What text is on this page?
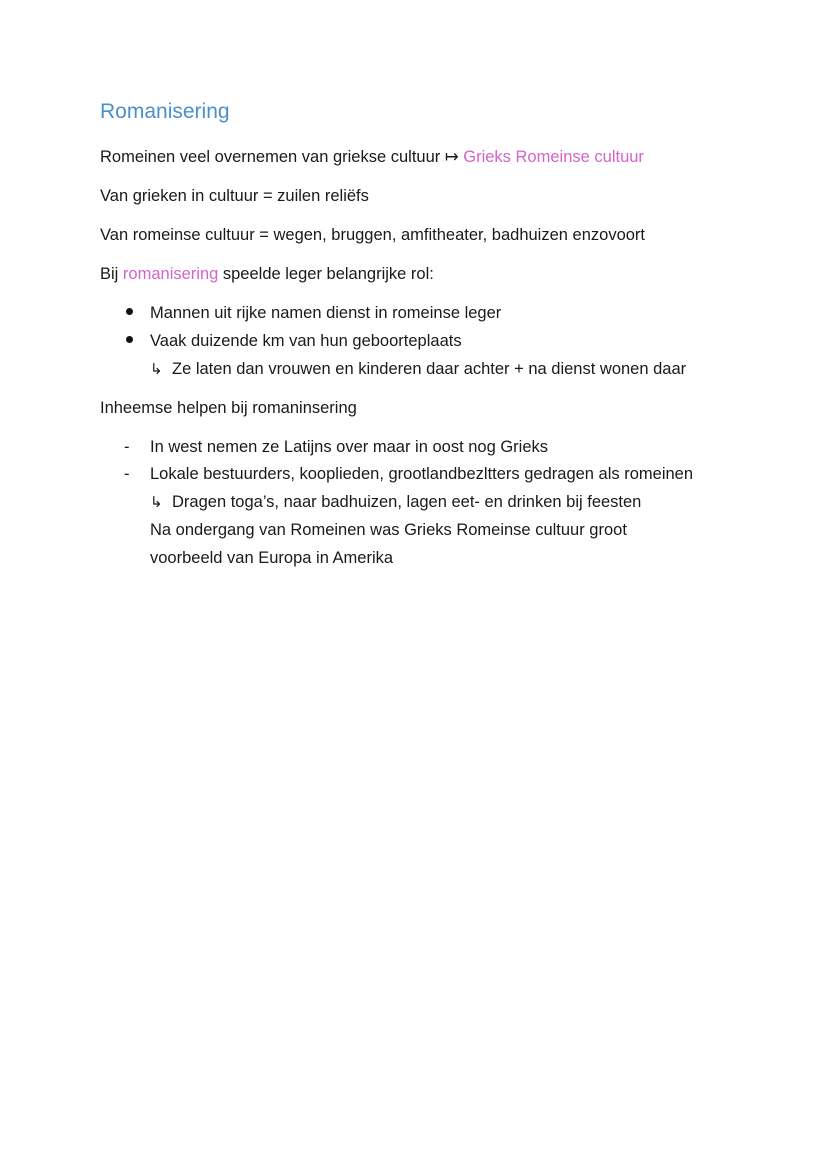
Romanisering
Romeinen veel overnemen van griekse cultuur ↦ Grieks Romeinse cultuur
Van grieken in cultuur = zuilen reliëfs
Van romeinse cultuur = wegen, bruggen, amfitheater, badhuizen enzovoort
Bij romanisering speelde leger belangrijke rol:
Mannen uit rijke namen dienst in romeinse leger
Vaak duizende km van hun geboorteplaats
↳ Ze laten dan vrouwen en kinderen daar achter + na dienst wonen daar
Inheemse helpen bij romaninsering
- In west nemen ze Latijns over maar in oost nog Grieks
- Lokale bestuurders, kooplieden, grootlandbezltters gedragen als romeinen
↳ Dragen toga’s, naar badhuizen, lagen eet- en drinken bij feesten
Na ondergang van Romeinen was Grieks Romeinse cultuur groot
voorbeeld van Europa in Amerika
